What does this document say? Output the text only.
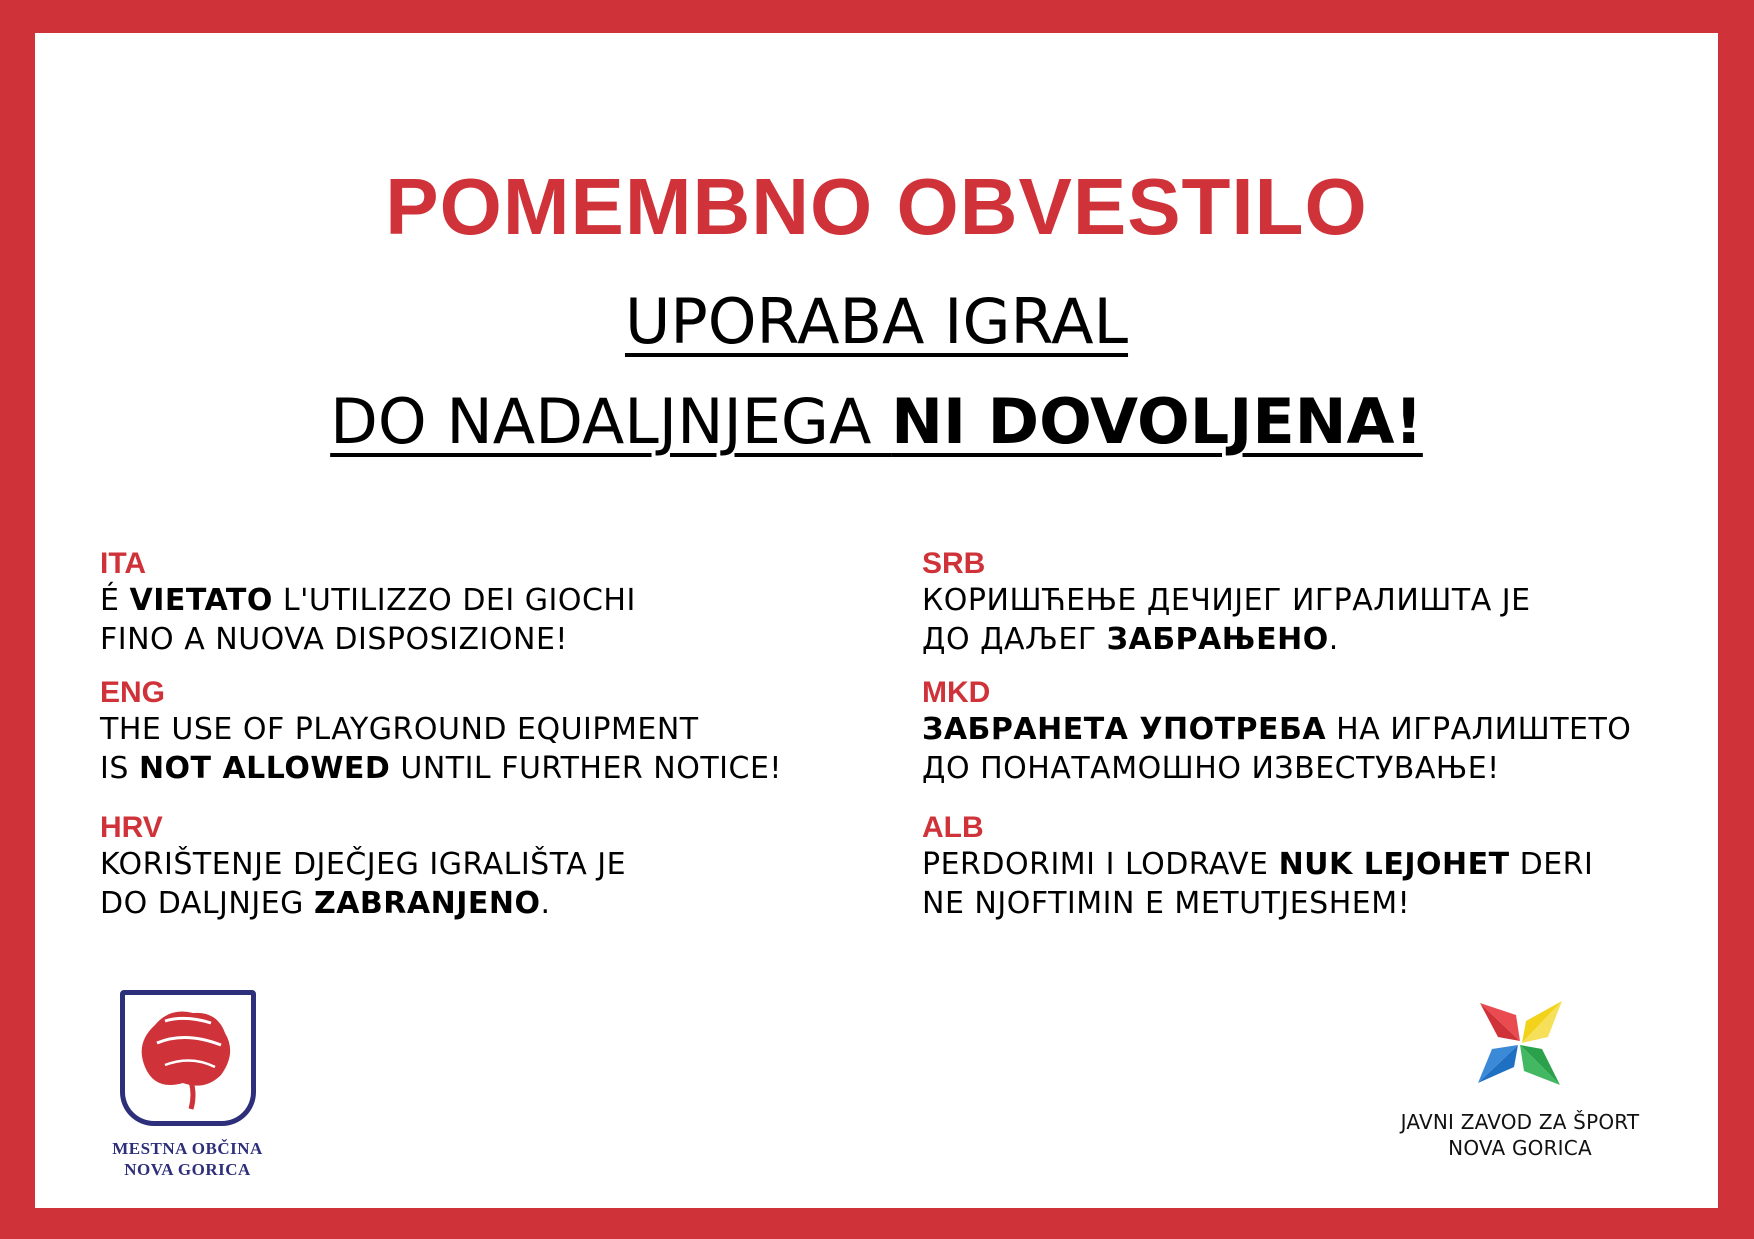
POMEMBNO OBVESTILO
UPORABA IGRAL
DO NADALJNJEGA NI DOVOLJENA!
ITA
É VIETATO L'UTILIZZO DEI GIOCHI
FINO A NUOVA DISPOSIZIONE!
ENG
THE USE OF PLAYGROUND EQUIPMENT
IS NOT ALLOWED UNTIL FURTHER NOTICE!
HRV
KORIŠTENJE DJEČJEG IGRALIŠTA JE
DO DALJNJEG ZABRANJENO.
SRB
КОРИШЋЕЊЕ ДЕЧИЈЕГ ИГРАЛИШТА ЈЕ
ДО ДАЉЕГ ЗАБРАЊЕНО.
MKD
ЗАБРАНЕТА УПОТРЕБА НА ИГРАЛИШТЕТО
ДО ПОНАТАМОШНО ИЗВЕСТУВАЊЕ!
ALB
PERDORIMI I LODRAVE NUK LEJOHET DERI
NE NJOFTIMIN E METUTJESHEM!
MESTNA OBČINA
NOVA GORICA
JAVNI ZAVOD ZA ŠPORT
NOVA GORICA
